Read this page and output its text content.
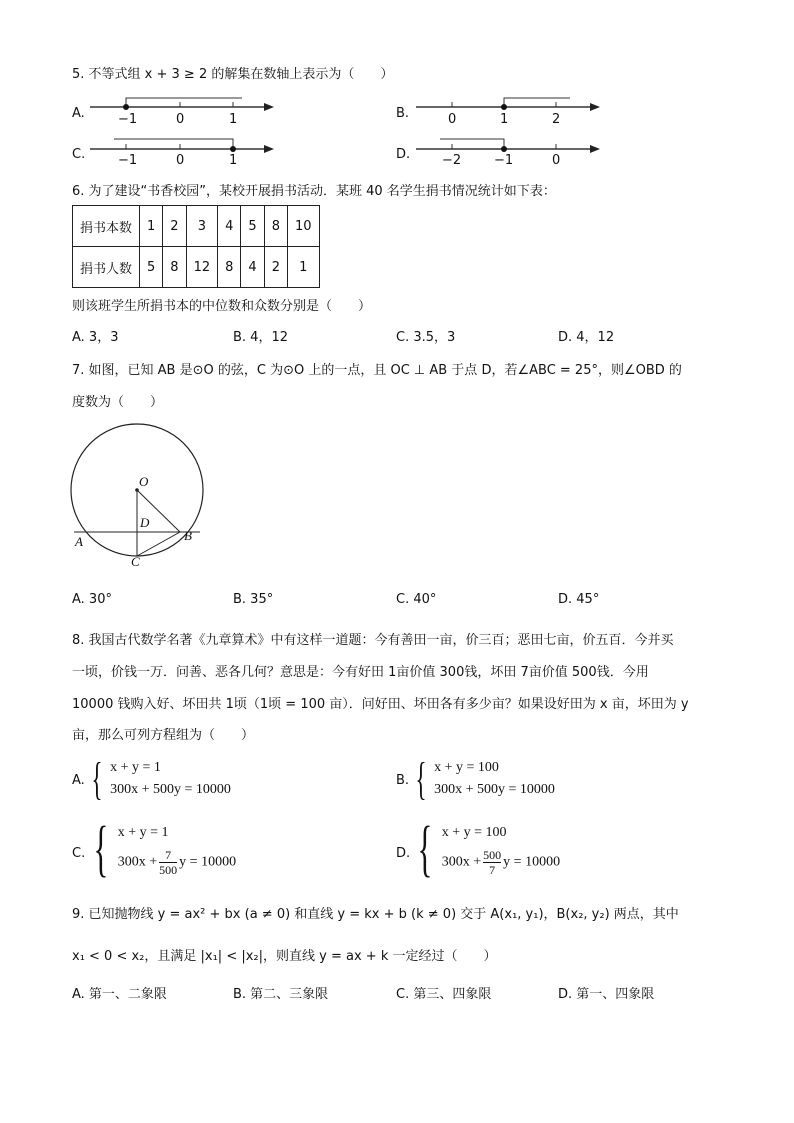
5. 不等式组 x + 3 ≥ 2 的解集在数轴上表示为（　　）
A.	B.
C.	D.
−1	0	1	0	1	2
−1	0	1	−2	−1	0
6. 为了建设“书香校园”，某校开展捐书活动．某班 40 名学生捐书情况统计如下表：
捐书本数	1	2	3	4	5	8	10
捐书人数	5	8	12	8	4	2	1
则该班学生所捐书本的中位数和众数分别是（　　）
A. 3，3	B. 4，12	C. 3.5，3	D. 4，12
7. 如图，已知 AB 是⊙O 的弦，C 为⊙O 上的一点，且 OC ⊥ AB 于点 D，若∠ABC = 25°，则∠OBD 的
度数为（　　）
O
D
A	B
C
A. 30°	B. 35°	C. 40°	D. 45°
8. 我国古代数学名著《九章算术》中有这样一道题：今有善田一亩，价三百；恶田七亩，价五百．今并买
一顷，价钱一万．问善、恶各几何？意思是：今有好田 1亩价值 300钱，坏田 7亩价值 500钱．今用
10000 钱购入好、坏田共 1顷（1顷 = 100 亩）．问好田、坏田各有多少亩？如果设好田为 x 亩，坏田为 y
亩，那么可列方程组为（　　）
A. { x + y = 1
300x + 500y = 10000
B. { x + y = 100
300x + 500y = 10000
C. { x + y = 1
$300x + \frac{7}{500}$ y = 10000
D. { x + y = 100
$300x + \frac{500}{7}$ y = 10000
9. 已知抛物线 y = ax² + bx (a ≠ 0) 和直线 y = kx + b (k ≠ 0) 交于 A(x₁, y₁)，B(x₂, y₂) 两点，其中
x₁ < 0 < x₂，且满足 |x₁| < |x₂|，则直线 y = ax + k 一定经过（　　）
A. 第一、二象限	B. 第二、三象限	C. 第三、四象限	D. 第一、四象限
